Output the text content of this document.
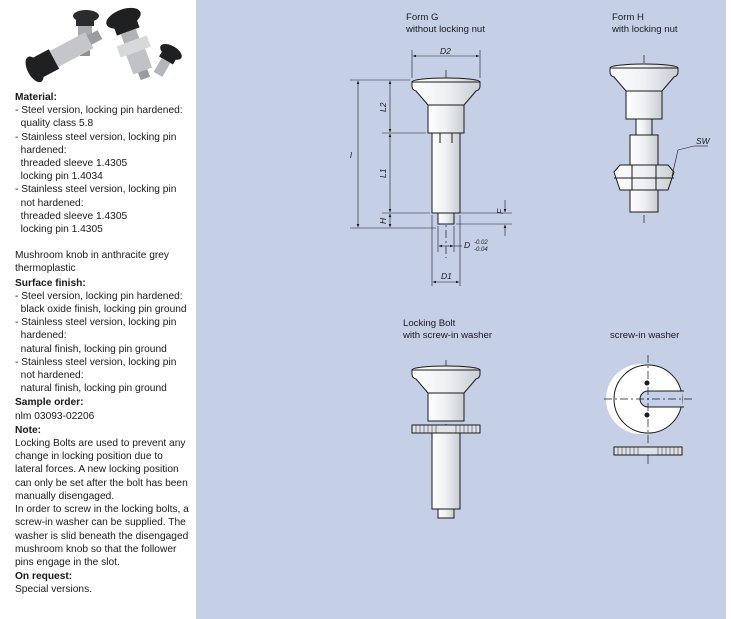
Material:
- Steel version, locking pin hardened:
quality class 5.8
- Stainless steel version, locking pin
hardened:
threaded sleeve 1.4305
locking pin 1.4034
- Stainless steel version, locking pin
not hardened:
threaded sleeve 1.4305
locking pin 1.4305
Mushroom knob in anthracite grey
thermoplastic
Surface finish:
- Steel version, locking pin hardened:
black oxide finish, locking pin ground
- Stainless steel version, locking pin
hardened:
natural finish, locking pin ground
- Stainless steel version, locking pin
not hardened:
natural finish, locking pin ground
Sample order:
nlm 03093-02206
Note:
Locking Bolts are used to prevent any
change in locking position due to
lateral forces. A new locking position
can only be set after the bolt has been
manually disengaged.
In order to screw in the locking bolts, a
screw-in washer can be supplied. The
washer is slid beneath the disengaged
mushroom knob so that the follower
pins engage in the slot.
On request:
Special versions.
Form G
without locking nut
Form H
with locking nut
Locking Bolt
with screw-in washer	screw-in washer
D2
l
L2
L1
H
F
D -0.02
-0.04
D1
SW
